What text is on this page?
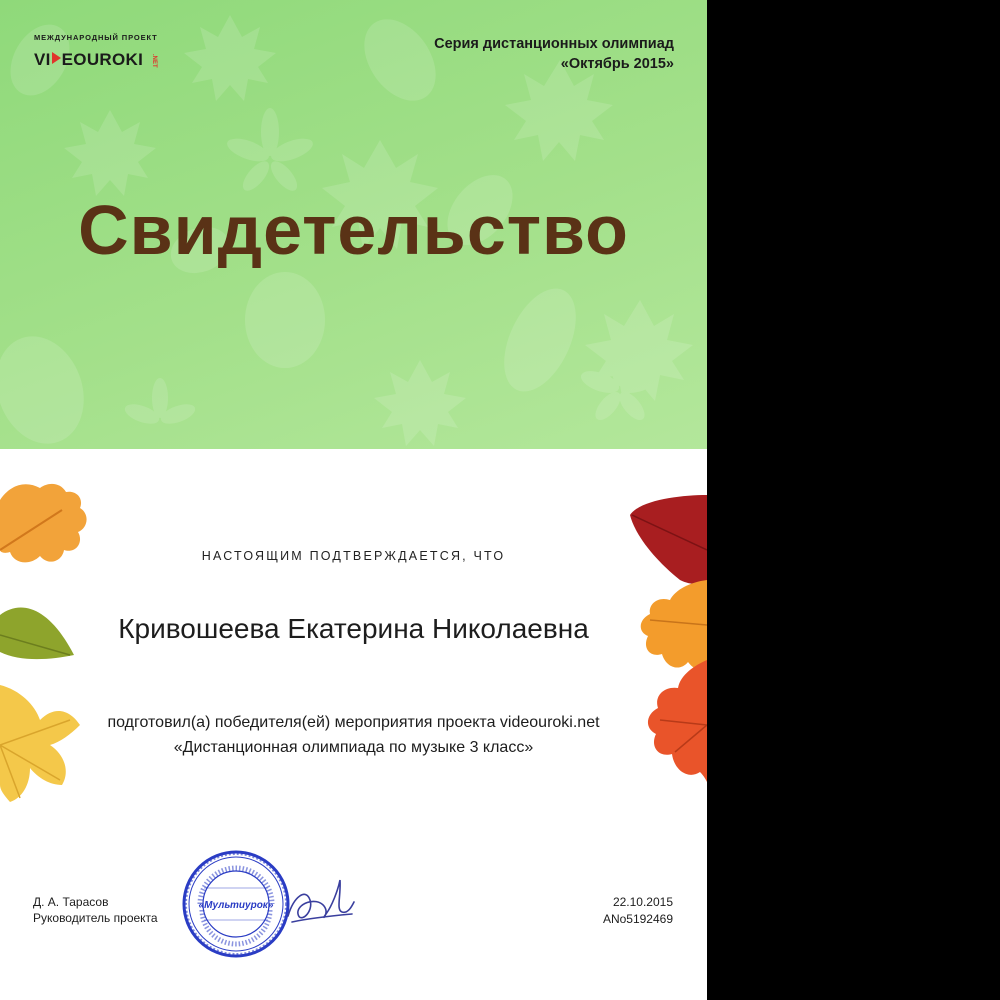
МЕЖДУНАРОДНЫЙ ПРОЕКТ
VI EOUROKI .NET
Серия дистанционных олимпиад
«Октябрь 2015»
Свидетельство
НАСТОЯЩИМ ПОДТВЕРЖДАЕТСЯ, ЧТО
Кривошеева Екатерина Николаевна
подготовил(а) победителя(ей) мероприятия проекта videouroki.net
«Дистанционная олимпиада по музыке 3 класс»
Д. А. Тарасов
Руководитель проекта
«Мультиурок»	22.10.2015
ANo5192469
